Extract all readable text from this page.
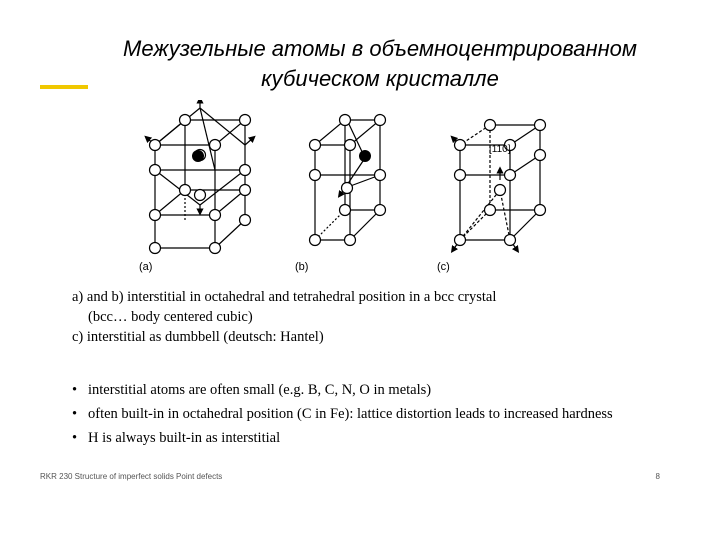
Межузельные атомы в объемноцентрированном
кубическом кристалле
(a)	(b)
[110]
(c)
a) and b) interstitial in octahedral and tetrahedral position in a bcc crystal
(bcc… body centered cubic)
c) interstitial as dumbbell (deutsch: Hantel)
• interstitial atoms are often small (e.g. B, C, N, O in metals)
• often built-in in octahedral position (C in Fe): lattice distortion leads to increased hardness
• H is always built-in as interstitial
RKR 230 Structure of imperfect solids Point defects	8
